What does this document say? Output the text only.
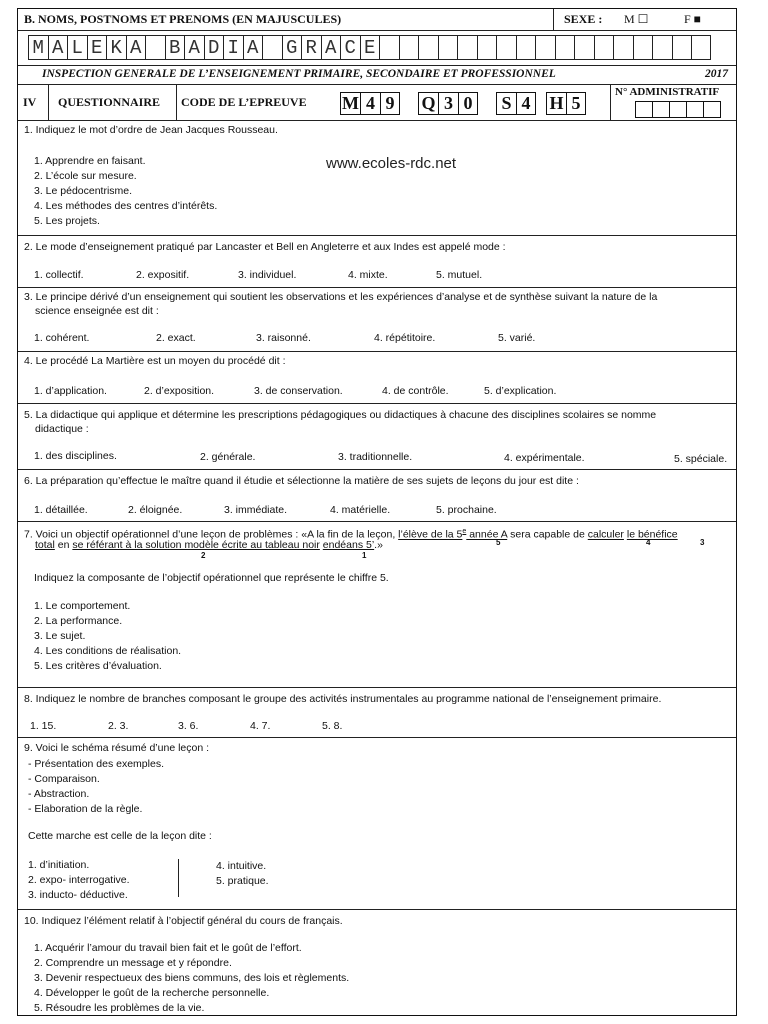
B. NOMS, POSTNOMS ET PRENOMS (EN MAJUSCULES)	SEXE : M ☐	F ■
M A L E K A B A D I A G R A C E
INSPECTION GENERALE DE L’ENSEIGNEMENT PRIMAIRE, SECONDAIRE ET PROFESSIONNEL	2017
IV QUESTIONNAIRE CODE DE L’EPREUVE M 4 9	Q 3 0	S 4	H 5
N° ADMINISTRATIF
1. Indiquez le mot d’ordre de Jean Jacques Rousseau.
www.ecoles-rdc.net
1. Apprendre en faisant.
2. L’école sur mesure.
3. Le pédocentrisme.
4. Les méthodes des centres d’intérêts.
5. Les projets.
2. Le mode d’enseignement pratiqué par Lancaster et Bell en Angleterre et aux Indes est appelé mode :
1. collectif.	2. expositif.	3. individuel.	4. mixte.	5. mutuel.
3. Le principe dérivé d’un enseignement qui soutient les observations et les expériences d’analyse et de synthèse suivant la nature de la
science enseignée est dit :
1. cohérent.	2. exact.	3. raisonné.	4. répétitoire.	5. varié.
4. Le procédé La Martière est un moyen du procédé dit :
1. d’application.	2. d’exposition.	3. de conservation.	4. de contrôle.	5. d’explication.
5. La didactique qui applique et détermine les prescriptions pédagogiques ou didactiques à chacune des disciplines scolaires se nomme
didactique :
1. des disciplines.	2. générale.	3. traditionnelle.	4. expérimentale.	5. spéciale.
6. La préparation qu’effectue le maître quand il étudie et sélectionne la matière de ses sujets de leçons du jour est dite :
1. détaillée.	2. éloignée.	3. immédiate.	4. matérielle.	5. prochaine.
7. Voici un objectif opérationnel d’une leçon de problèmes : «A la fin de la leçon, l’élève de la 5e année A sera capable de calculer le bénéfice
total en se référant à la solution modèle écrite au tableau noir endéans 5’.»	5	4	3
2	1
Indiquez la composante de l’objectif opérationnel que représente le chiffre 5.
1. Le comportement.
2. La performance.
3. Le sujet.
4. Les conditions de réalisation.
5. Les critères d’évaluation.
8. Indiquez le nombre de branches composant le groupe des activités instrumentales au programme national de l’enseignement primaire.
1. 15.	2. 3.	3. 6.	4. 7.	5. 8.
9. Voici le schéma résumé d’une leçon :
- Présentation des exemples.
- Comparaison.
- Abstraction.
- Elaboration de la règle.
Cette marche est celle de la leçon dite :
1. d’initiation.
2. expo- interrogative.
3. inducto- déductive.
4. intuitive.
5. pratique.
10. Indiquez l’élément relatif à l’objectif général du cours de français.
1. Acquérir l’amour du travail bien fait et le goût de l’effort.
2. Comprendre un message et y répondre.
3. Devenir respectueux des biens communs, des lois et règlements.
4. Développer le goût de la recherche personnelle.
5. Résoudre les problèmes de la vie.
